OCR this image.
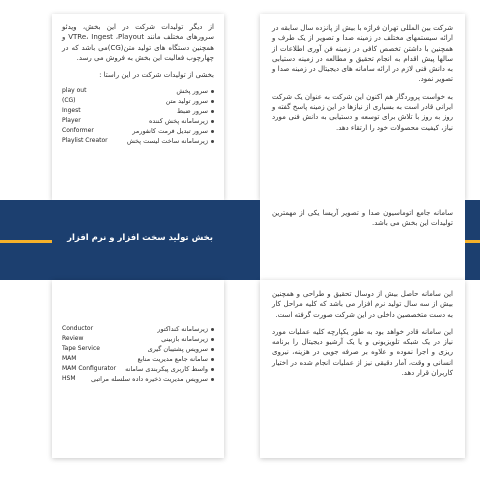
شرکت بین المللی تهران فراژه با بیش از پانزده سال سابقه در ارائه سیستمهای مختلف در زمینه صدا و تصویر از یک طرف و همچنین با داشتن تخصص کافی در زمینه فن آوری اطلاعات از سالها پیش اقدام به انجام تحقیق و مطالعه در زمینه دستیابی به دانش فنی لازم در ارائه سامانه های دیجیتال در زمینه صدا و تصویر نمود.

به خواست پروردگار هم اکنون این شرکت به عنوان یک شرکت ایرانی قادر است به بسیاری از نیازها در این زمینه پاسخ گفته و روز به روز با تلاش برای توسعه و دستیابی به دانش فنی مورد نیاز، کیفیت محصولات خود را ارتقاء دهد.

از دیگر تولیدات شرکت در این بخش، ویدئو سرورهای مختلف مانند VTRe، Ingest ،Playout و همچنین دستگاه های تولید متن(CG)می باشد که در چهارچوب فعالیت این بخش به فروش می رسد.

بخشی از تولیدات شرکت در این راستا :
play out	سرور پخش
(CG)	سرور تولید متن
Ingest	سرور ضبط
Player	زیرسامانه پخش کننده
Conformer	سرور تبدیل فرمت کانفورمر
Playlist Creator	زیرسامانه ساخت لیست پخش
بخش تولید سخت افزار و نرم افزار

سامانه جامع اتوماسیون صدا و تصویر آریسا یکی از مهمترین تولیدات این بخش می باشد.

Conductor	زیرسامانه کنداکتور
Review	زیرسامانه بازبینی
Tape Service	سرویس پشتیبان گیری
MAM	سامانه جامع مدیریت منابع
MAM Configurator واسط کاربری پیکربندی سامانه
HSM سرویس مدیریت ذخیره داده سلسله مراتبی

این سامانه حاصل بیش از دوسال تحقیق و طراحی و همچنین بیش از سه سال تولید نرم افزار می باشد که کلیه مراحل کار به دست متخصصین داخلی در این شرکت صورت گرفته است.

این سامانه قادر خواهد بود به طور یکپارچه کلیه عملیات مورد نیاز در یک شبکه تلویزیونی و یا یک آرشیو دیجیتال را برنامه ریزی و اجرا نموده و علاوه بر صرفه جویی در هزینه، نیروی انسانی و وقت، آمار دقیقی نیز از عملیات انجام شده در اختیار کاربران قرار دهد.
